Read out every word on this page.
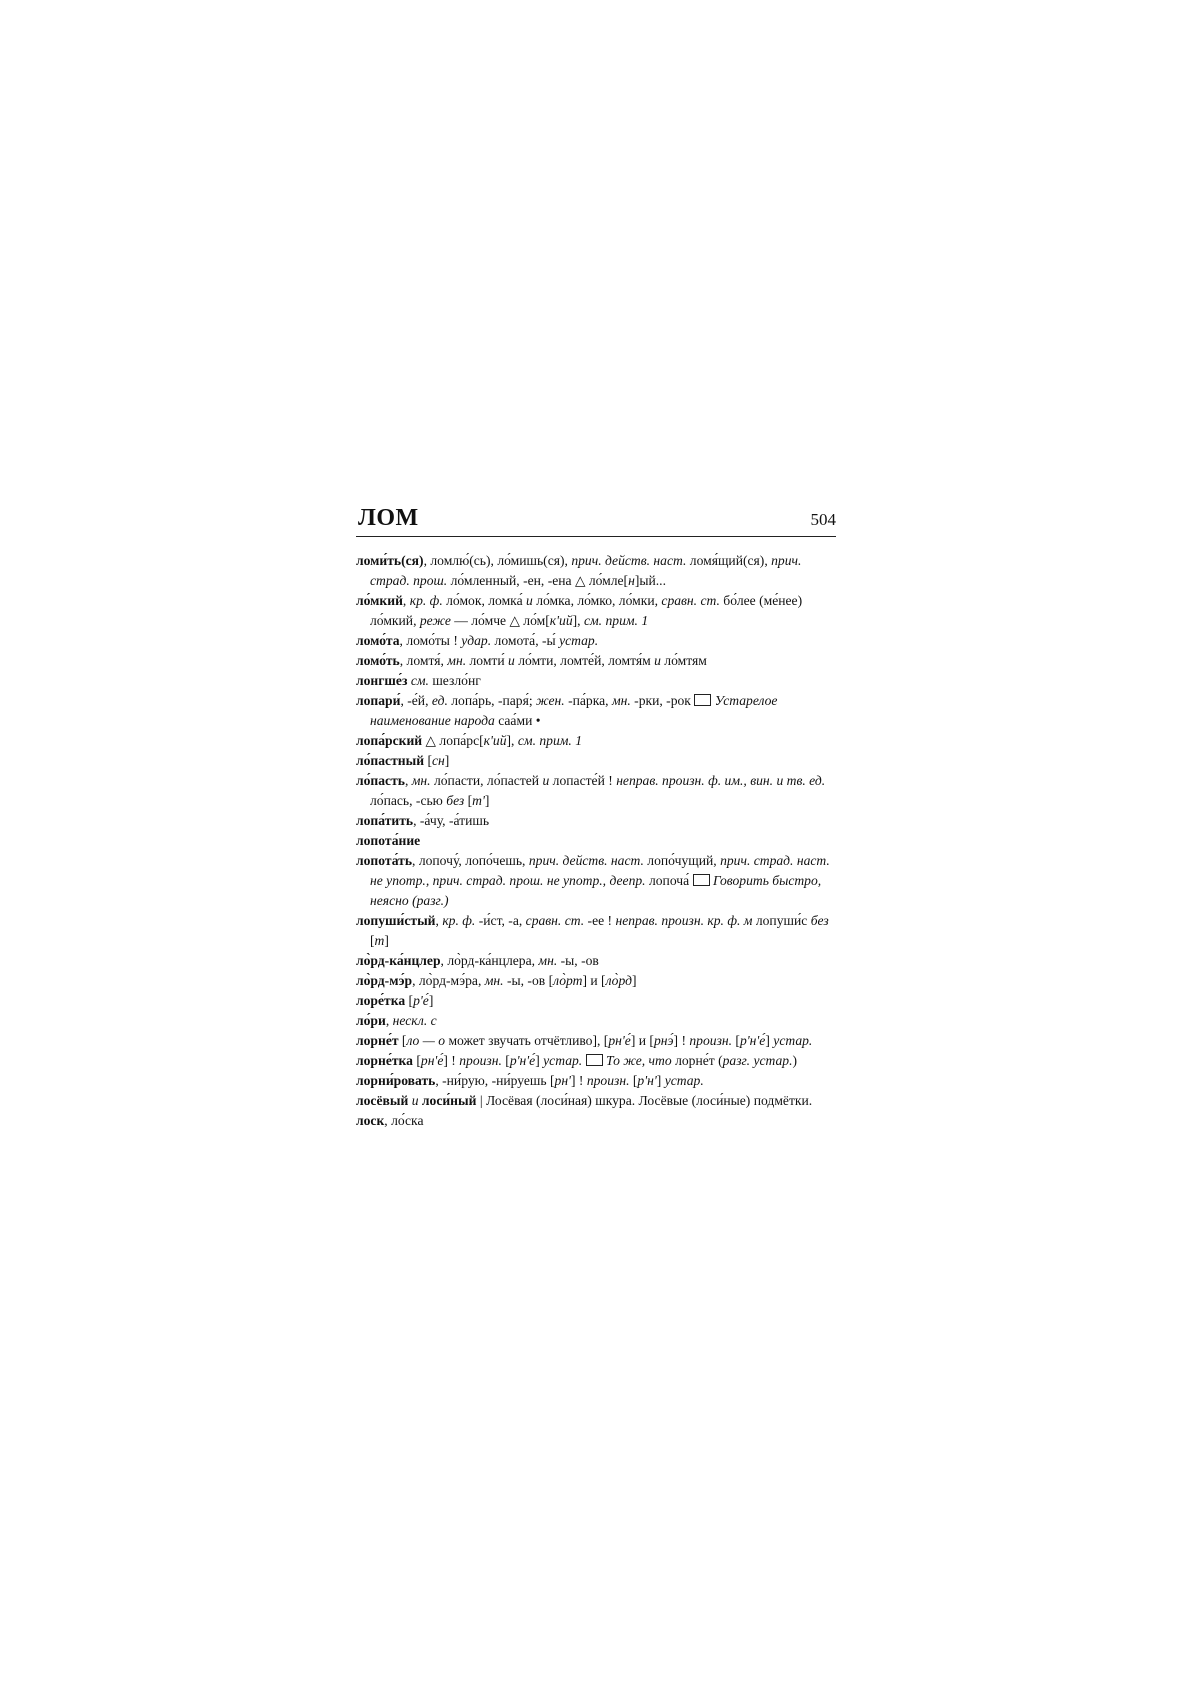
ЛОМ	504
ломи́ть(ся), ломлю́(сь), ло́мишь(ся), прич. действ. наст. ломя́щий(ся), прич. страд. прош. ло́мленный, -ен, -ена △ ло́мле[н]ый...
ло́мкий, кр. ф. ло́мок, ломка́ и ло́мка, ло́мко, ло́мки, сравн. ст. бо́лее (ме́нее) ло́мкий, реже — ло́мче △ ло́м[к'ий], см. прим. 1
ломо́та, ломо́ты ! удар. ломота́, -ы́ устар.
ломо́ть, ломтя́, мн. ломти́ и ло́мти, ломте́й, ломтя́м и ло́мтям
лонгше́з см. шезло́нг
лопари́, -е́й, ед. лопа́рь, -паря́; жен. -па́рка, мн. -рки, -рок  Устарелое наименование народа саа́ми •
лопа́рский △ лопа́рс[к'ий], см. прим. 1
ло́пастный [сн]
ло́пасть, мн. ло́пасти, ло́пастей и лопасте́й ! неправ. произн. ф. им., вин. и тв. ед. ло́пась, -сью без [т']
лопа́тить, -а́чу, -а́тишь
лопота́ние
лопота́ть, лопочу́, лопо́чешь, прич. действ. наст. лопо́чущий, прич. страд. наст. не употр., прич. страд. прош. не употр., деепр. лопоча́  Говорить быстро, неясно (разг.)
лопуши́стый, кр. ф. -и́ст, -а, сравн. ст. -ее ! неправ. произн. кр. ф. м лопуши́с без [т]
ло̀рд-ка́нцлер, ло̀рд-ка́нцлера, мн. -ы, -ов
ло̀рд-мэ́р, ло̀рд-мэ́ра, мн. -ы, -ов [ло̀рт] и [ло̀рд]
лоре́тка [р'е́]
ло́ри, нескл. с
лорне́т [ло — о может звучать отчётливо], [рн'е́] и [рнэ́] ! произн. [р'н'е́] устар.
лорне́тка [рн'е́] ! произн. [р'н'е́] устар. То же, что лорне́т (разг. устар.)
лорни́ровать, -ни́рую, -ни́руешь [рн'] ! произн. [р'н'] устар.
лосёвый и лоси́ный | Лосёвая (лоси́ная) шкура. Лосёвые (лоси́ные) подмётки.
лоск, ло́ска
